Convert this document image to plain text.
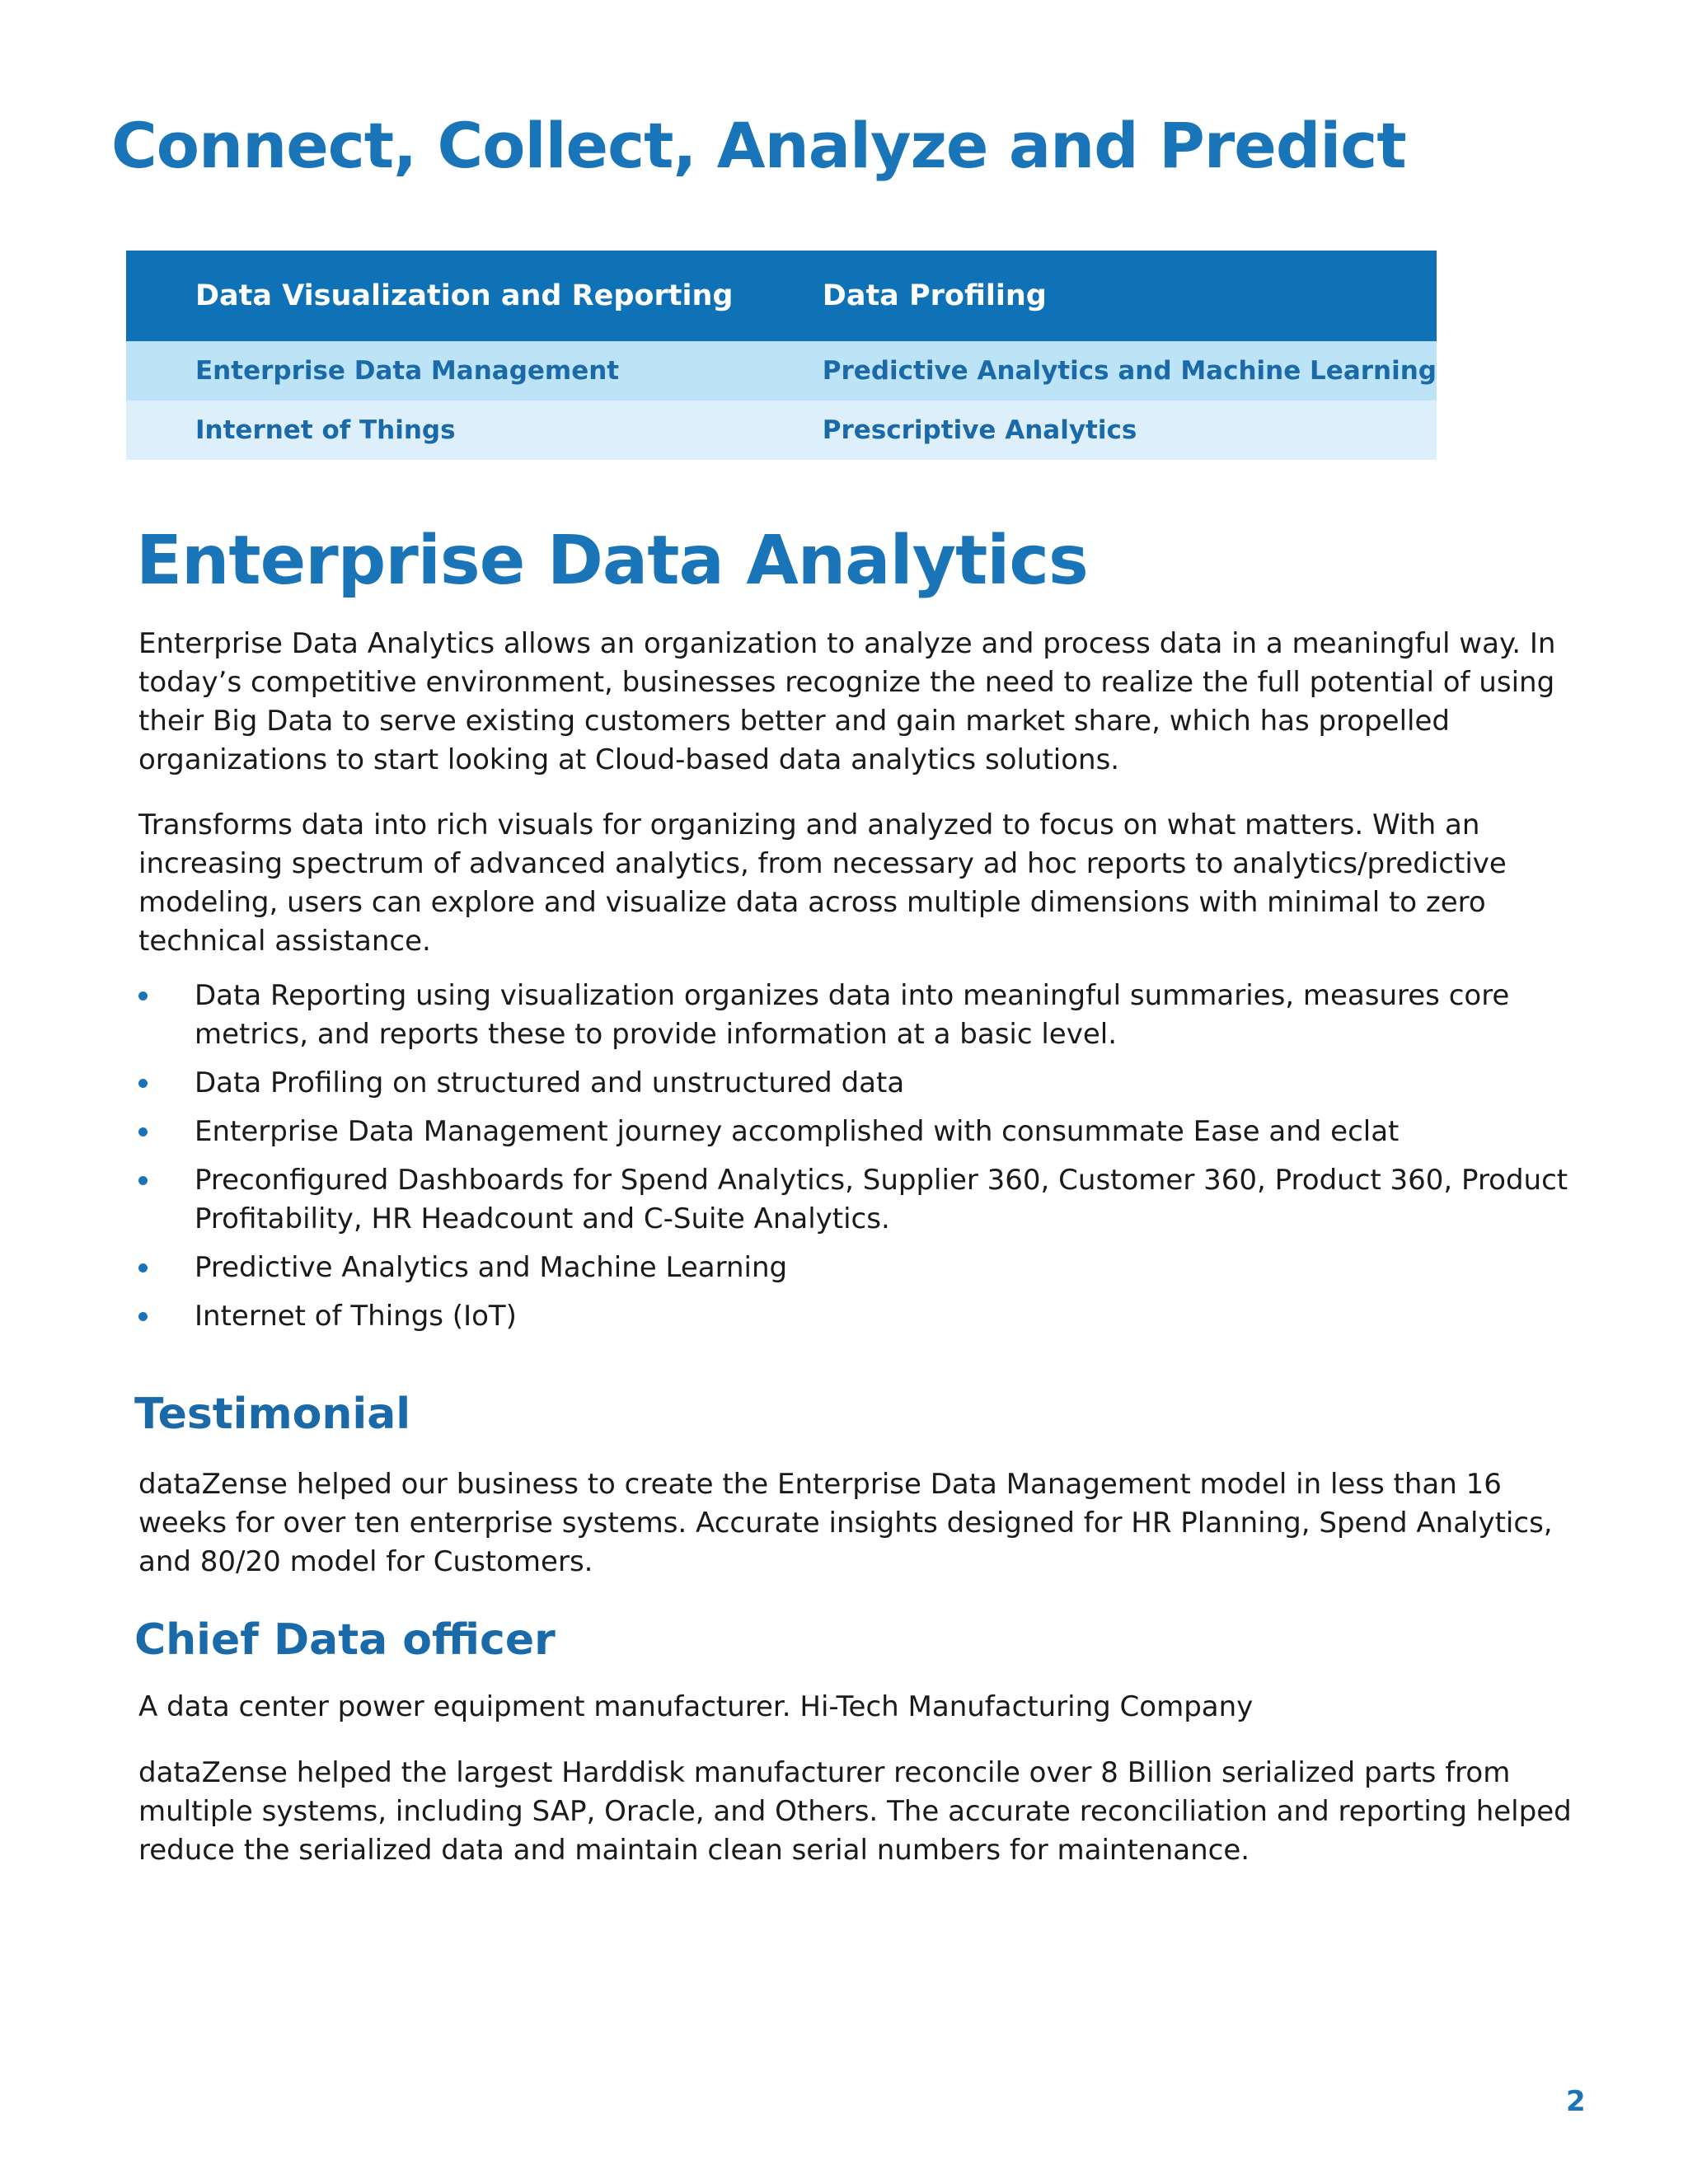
Connect, Collect, Analyze and Predict
Data Visualization and Reporting	Data Profiling
Enterprise Data Management	Predictive Analytics and Machine Learning
Internet of Things	Prescriptive Analytics
Enterprise Data Analytics

Enterprise Data Analytics allows an organization to analyze and process data in a meaningful way. In today’s competitive environment, businesses recognize the need to realize the full potential of using their Big Data to serve existing customers better and gain market share, which has propelled organizations to start looking at Cloud-based data analytics solutions.

Transforms data into rich visuals for organizing and analyzed to focus on what matters. With an increasing spectrum of advanced analytics, from necessary ad hoc reports to analytics/predictive modeling, users can explore and visualize data across multiple dimensions with minimal to zero technical assistance.

Data Reporting using visualization organizes data into meaningful summaries, measures core metrics, and reports these to provide information at a basic level.
Data Profiling on structured and unstructured data
Enterprise Data Management journey accomplished with consummate Ease and eclat
Preconfigured Dashboards for Spend Analytics, Supplier 360, Customer 360, Product 360, Product Profitability, HR Headcount and C-Suite Analytics.
Predictive Analytics and Machine Learning
Internet of Things (IoT)
Testimonial

dataZense helped our business to create the Enterprise Data Management model in less than 16 weeks for over ten enterprise systems. Accurate insights designed for HR Planning, Spend Analytics, and 80/20 model for Customers.

Chief Data officer

A data center power equipment manufacturer. Hi-Tech Manufacturing Company

dataZense helped the largest Harddisk manufacturer reconcile over 8 Billion serialized parts from multiple systems, including SAP, Oracle, and Others. The accurate reconciliation and reporting helped reduce the serialized data and maintain clean serial numbers for maintenance.

2
